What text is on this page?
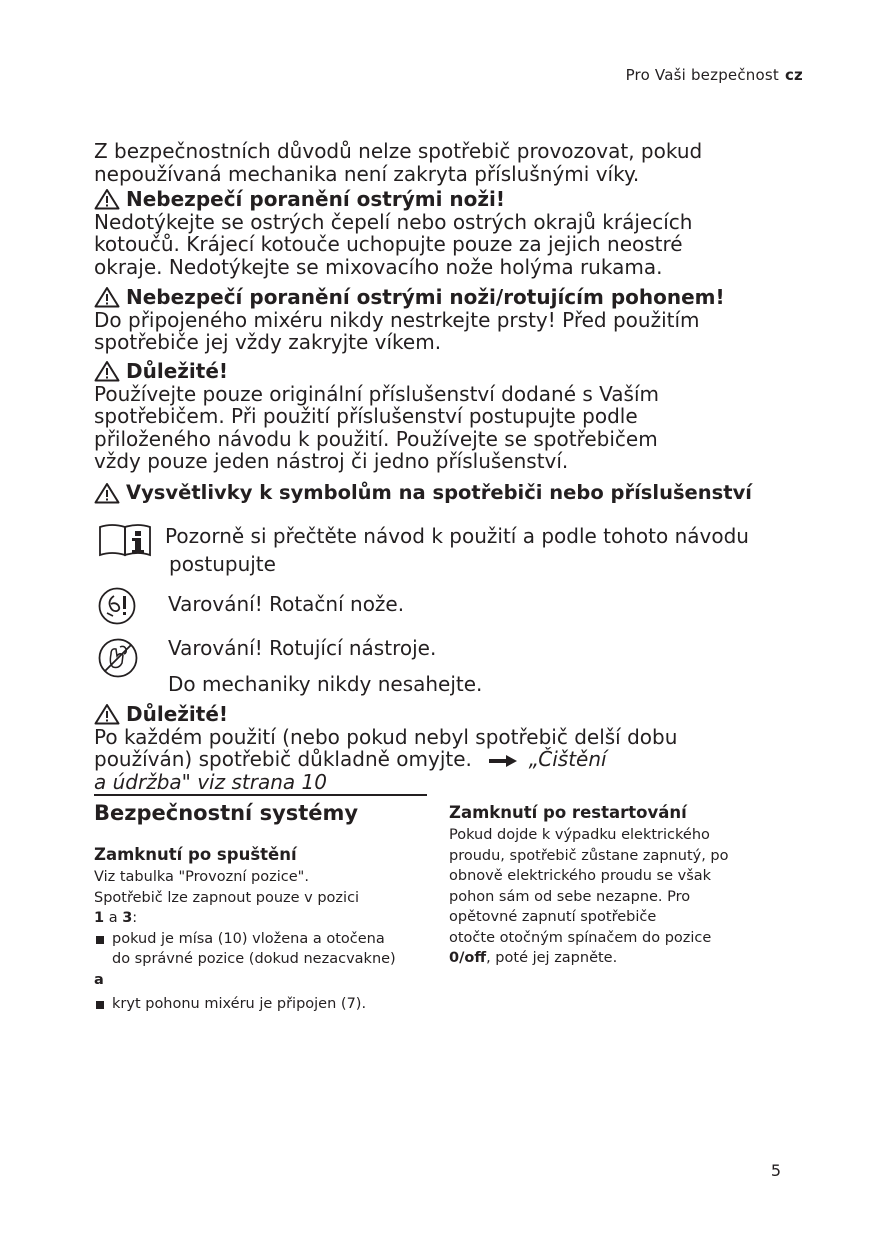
Pro Vaši bezpečnost cz

Z bezpečnostních důvodů nelze spotřebič provozovat, pokud

nepoužívaná mechanika není zakryta příslušnými víky.

Nebezpečí poranění ostrými noži!

Nedotýkejte se ostrých čepelí nebo ostrých okrajů krájecích

kotoučů. Krájecí kotouče uchopujte pouze za jejich neostré

okraje. Nedotýkejte se mixovacího nože holýma rukama.

Nebezpečí poranění ostrými noži/rotujícím pohonem!

Do připojeného mixéru nikdy nestrkejte prsty! Před použitím

spotřebiče jej vždy zakryjte víkem.

Důležité!

Používejte pouze originální příslušenství dodané s Vaším

spotřebičem. Při použití příslušenství postupujte podle

přiloženého návodu k použití. Používejte se spotřebičem

vždy pouze jeden nástroj či jedno příslušenství.

Vysvětlivky k symbolům na spotřebiči nebo příslušenství
Pozorně si přečtěte návod k použití a podle tohoto návodu
postupujte
Varování! Rotační nože.
Varování! Rotující nástroje.
Do mechaniky nikdy nesahejte.
Důležité!

Po každém použití (nebo pokud nebyl spotřebič delší dobu

používán) spotřebič důkladně omyjte.	„Čištění

a údržba" viz strana 10

Bezpečnostní systémy
Zamknutí po spuštění
Viz tabulka "Provozní pozice".
Spotřebič lze zapnout pouze v pozici
1 a 3:
pokud je mísa (10) vložena a otočena
do správné pozice (dokud nezacvakne)
a
kryt pohonu mixéru je připojen (7).
Zamknutí po restartování
Pokud dojde k výpadku elektrického
proudu, spotřebič zůstane zapnutý, po
obnově elektrického proudu se však
pohon sám od sebe nezapne. Pro
opětovné zapnutí spotřebiče
otočte otočným spínačem do pozice
0/off, poté jej zapněte.
5
